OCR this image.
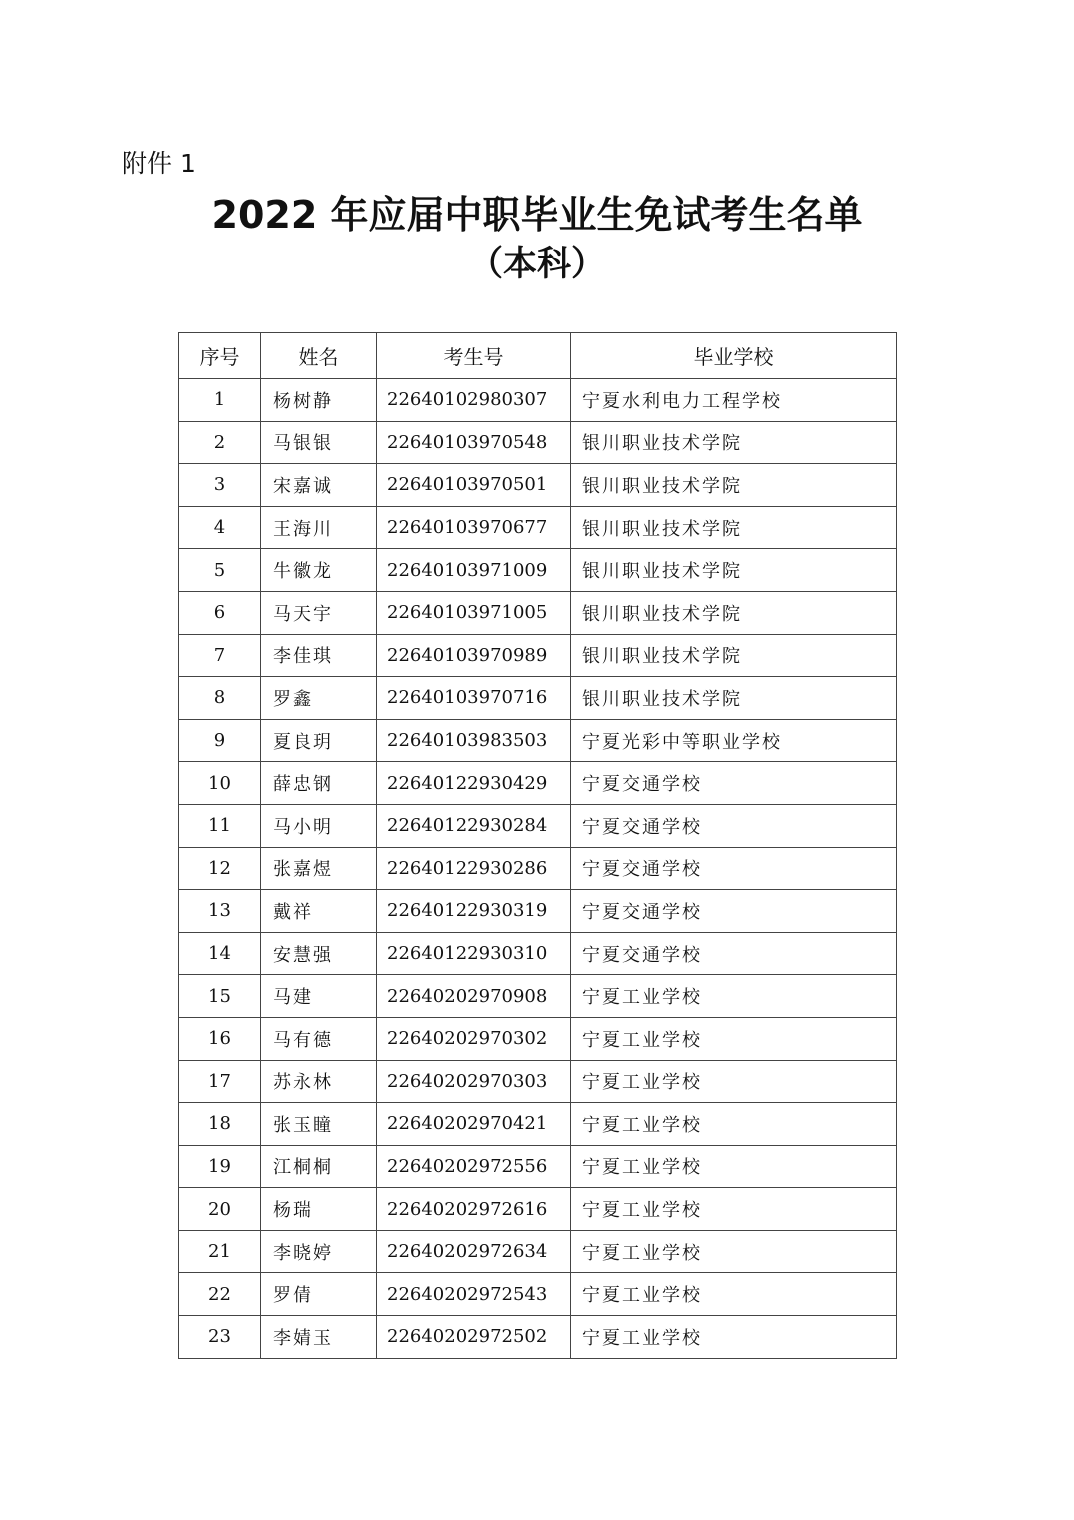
附件 1
2022 年应届中职毕业生免试考生名单
（本科）
序号	姓名	考生号	毕业学校
1	杨树静	22640102980307	宁夏水利电力工程学校
2	马银银	22640103970548	银川职业技术学院
3	宋嘉诚	22640103970501	银川职业技术学院
4	王海川	22640103970677	银川职业技术学院
5	牛徽龙	22640103971009	银川职业技术学院
6	马天宇	22640103971005	银川职业技术学院
7	李佳琪	22640103970989	银川职业技术学院
8	罗鑫	22640103970716	银川职业技术学院
9	夏良玥	22640103983503	宁夏光彩中等职业学校
10	薛忠钢	22640122930429	宁夏交通学校
11	马小明	22640122930284	宁夏交通学校
12	张嘉煜	22640122930286	宁夏交通学校
13	戴祥	22640122930319	宁夏交通学校
14	安慧强	22640122930310	宁夏交通学校
15	马建	22640202970908	宁夏工业学校
16	马有德	22640202970302	宁夏工业学校
17	苏永林	22640202970303	宁夏工业学校
18	张玉瞳	22640202970421	宁夏工业学校
19	江桐桐	22640202972556	宁夏工业学校
20	杨瑞	22640202972616	宁夏工业学校
21	李晓婷	22640202972634	宁夏工业学校
22	罗倩	22640202972543	宁夏工业学校
23	李婧玉	22640202972502	宁夏工业学校
